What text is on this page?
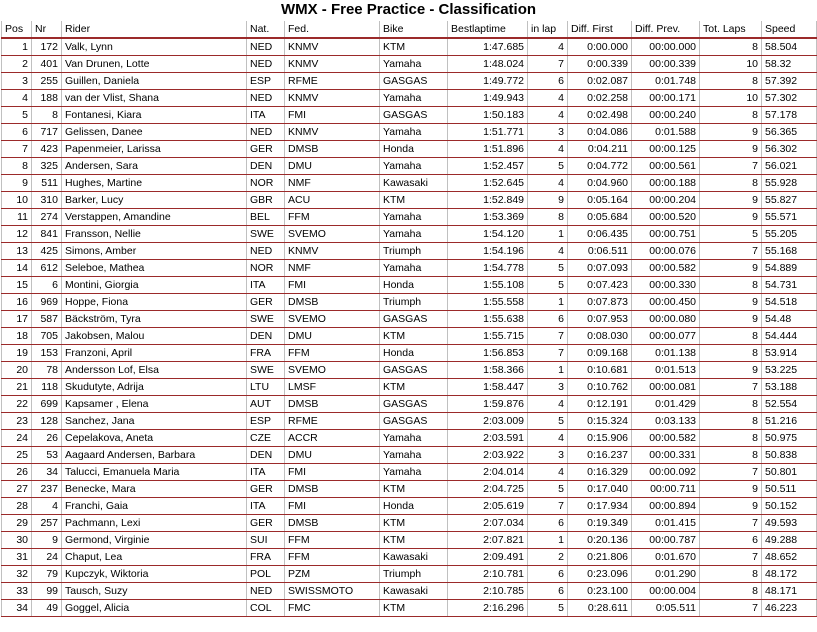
WMX - Free Practice - Classification
Pos	Nr	Rider	Nat.	Fed.	Bike	Bestlaptime	in lap	Diff. First	Diff. Prev.	Tot. Laps	Speed
1	172	Valk, Lynn	NED	KNMV	KTM	1:47.685	4	0:00.000	00:00.000	8	58.504
2	401	Van Drunen, Lotte	NED	KNMV	Yamaha	1:48.024	7	0:00.339	00:00.339	10	58.32
3	255	Guillen, Daniela	ESP	RFME	GASGAS	1:49.772	6	0:02.087	0:01.748	8	57.392
4	188	van der Vlist, Shana	NED	KNMV	Yamaha	1:49.943	4	0:02.258	00:00.171	10	57.302
5	8	Fontanesi, Kiara	ITA	FMI	GASGAS	1:50.183	4	0:02.498	00:00.240	8	57.178
6	717	Gelissen, Danee	NED	KNMV	Yamaha	1:51.771	3	0:04.086	0:01.588	9	56.365
7	423	Papenmeier, Larissa	GER	DMSB	Honda	1:51.896	4	0:04.211	00:00.125	9	56.302
8	325	Andersen, Sara	DEN	DMU	Yamaha	1:52.457	5	0:04.772	00:00.561	7	56.021
9	511	Hughes, Martine	NOR	NMF	Kawasaki	1:52.645	4	0:04.960	00:00.188	8	55.928
10	310	Barker, Lucy	GBR	ACU	KTM	1:52.849	9	0:05.164	00:00.204	9	55.827
11	274	Verstappen, Amandine	BEL	FFM	Yamaha	1:53.369	8	0:05.684	00:00.520	9	55.571
12	841	Fransson, Nellie	SWE	SVEMO	Yamaha	1:54.120	1	0:06.435	00:00.751	5	55.205
13	425	Simons, Amber	NED	KNMV	Triumph	1:54.196	4	0:06.511	00:00.076	7	55.168
14	612	Seleboe, Mathea	NOR	NMF	Yamaha	1:54.778	5	0:07.093	00:00.582	9	54.889
15	6	Montini, Giorgia	ITA	FMI	Honda	1:55.108	5	0:07.423	00:00.330	8	54.731
16	969	Hoppe, Fiona	GER	DMSB	Triumph	1:55.558	1	0:07.873	00:00.450	9	54.518
17	587	Bäckström, Tyra	SWE	SVEMO	GASGAS	1:55.638	6	0:07.953	00:00.080	9	54.48
18	705	Jakobsen, Malou	DEN	DMU	KTM	1:55.715	7	0:08.030	00:00.077	8	54.444
19	153	Franzoni, April	FRA	FFM	Honda	1:56.853	7	0:09.168	0:01.138	8	53.914
20	78	Andersson Lof, Elsa	SWE	SVEMO	GASGAS	1:58.366	1	0:10.681	0:01.513	9	53.225
21	118	Skudutyte, Adrija	LTU	LMSF	KTM	1:58.447	3	0:10.762	00:00.081	7	53.188
22	699	Kapsamer , Elena	AUT	DMSB	GASGAS	1:59.876	4	0:12.191	0:01.429	8	52.554
23	128	Sanchez, Jana	ESP	RFME	GASGAS	2:03.009	5	0:15.324	0:03.133	8	51.216
24	26	Cepelakova, Aneta	CZE	ACCR	Yamaha	2:03.591	4	0:15.906	00:00.582	8	50.975
25	53	Aagaard Andersen, Barbara	DEN	DMU	Yamaha	2:03.922	3	0:16.237	00:00.331	8	50.838
26	34	Talucci, Emanuela Maria	ITA	FMI	Yamaha	2:04.014	4	0:16.329	00:00.092	7	50.801
27	237	Benecke, Mara	GER	DMSB	KTM	2:04.725	5	0:17.040	00:00.711	9	50.511
28	4	Franchi, Gaia	ITA	FMI	Honda	2:05.619	7	0:17.934	00:00.894	9	50.152
29	257	Pachmann, Lexi	GER	DMSB	KTM	2:07.034	6	0:19.349	0:01.415	7	49.593
30	9	Germond, Virginie	SUI	FFM	KTM	2:07.821	1	0:20.136	00:00.787	6	49.288
31	24	Chaput, Lea	FRA	FFM	Kawasaki	2:09.491	2	0:21.806	0:01.670	7	48.652
32	79	Kupczyk, Wiktoria	POL	PZM	Triumph	2:10.781	6	0:23.096	0:01.290	8	48.172
33	99	Tausch, Suzy	NED	SWISSMOTO	Kawasaki	2:10.785	6	0:23.100	00:00.004	8	48.171
34	49	Goggel, Alicia	COL	FMC	KTM	2:16.296	5	0:28.611	0:05.511	7	46.223
